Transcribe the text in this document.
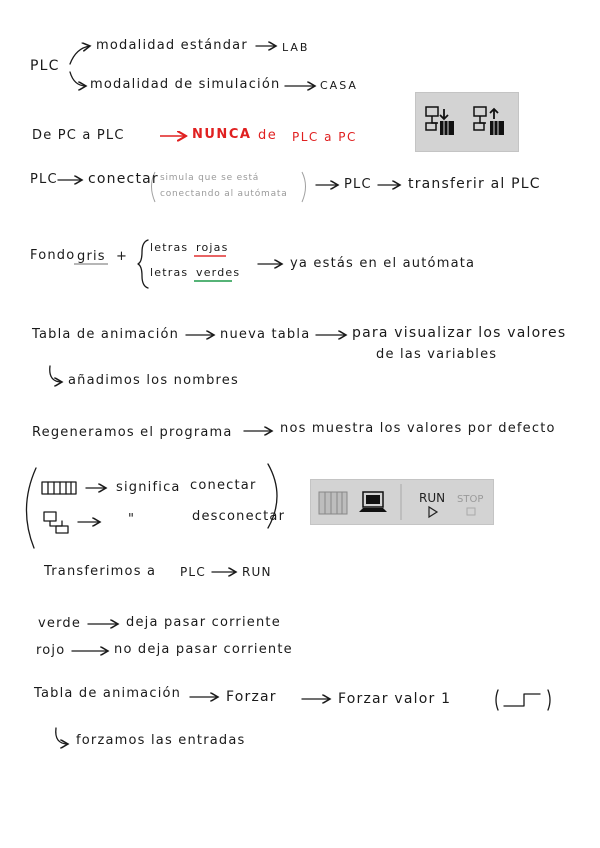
PLC
modalidad estándar	LAB
modalidad de simulación	CASA
De PC a PLC	NUNCA de PLC a PC
PLC conectar simula que se está
conectando al autómata
PLC	transferir al PLC
Fondo gris +
letras rojas
letras verdes
ya estás en el autómata
Tabla de animación	nueva tabla	para visualizar los valores
de las variables
añadimos los nombres
Regeneramos el programa	nos muestra los valores por defecto
significa conectar
"	desconectar
RUN STOP
Transferimos a PLC	RUN
verde	deja pasar corriente
rojo	no deja pasar corriente
Tabla de animación	Forzar	Forzar valor 1
forzamos las entradas
